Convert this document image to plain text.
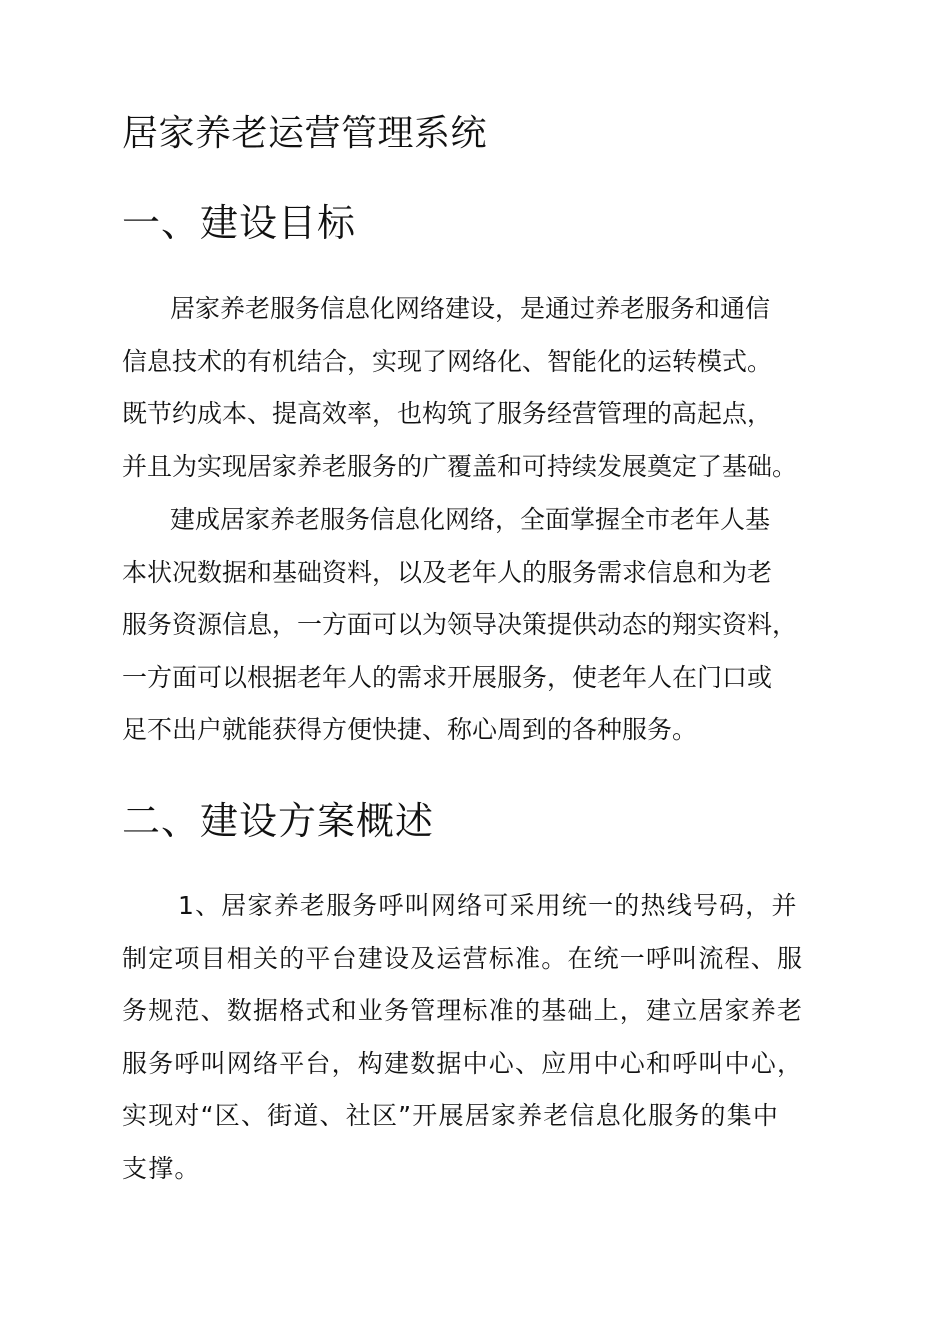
居家养老运营管理系统
一、建设目标
居家养老服务信息化网络建设，是通过养老服务和通信
信息技术的有机结合，实现了网络化、智能化的运转模式。
既节约成本、提高效率，也构筑了服务经营管理的高起点，
并且为实现居家养老服务的广覆盖和可持续发展奠定了基础。
建成居家养老服务信息化网络，全面掌握全市老年人基
本状况数据和基础资料，以及老年人的服务需求信息和为老
服务资源信息，一方面可以为领导决策提供动态的翔实资料，
一方面可以根据老年人的需求开展服务，使老年人在门口或
足不出户就能获得方便快捷、称心周到的各种服务。
二、建设方案概述
1、居家养老服务呼叫网络可采用统一的热线号码，并
制定项目相关的平台建设及运营标准。在统一呼叫流程、服
务规范、数据格式和业务管理标准的基础上，建立居家养老
服务呼叫网络平台，构建数据中心、应用中心和呼叫中心，
实现对“区、街道、社区”开展居家养老信息化服务的集中
支撑。
